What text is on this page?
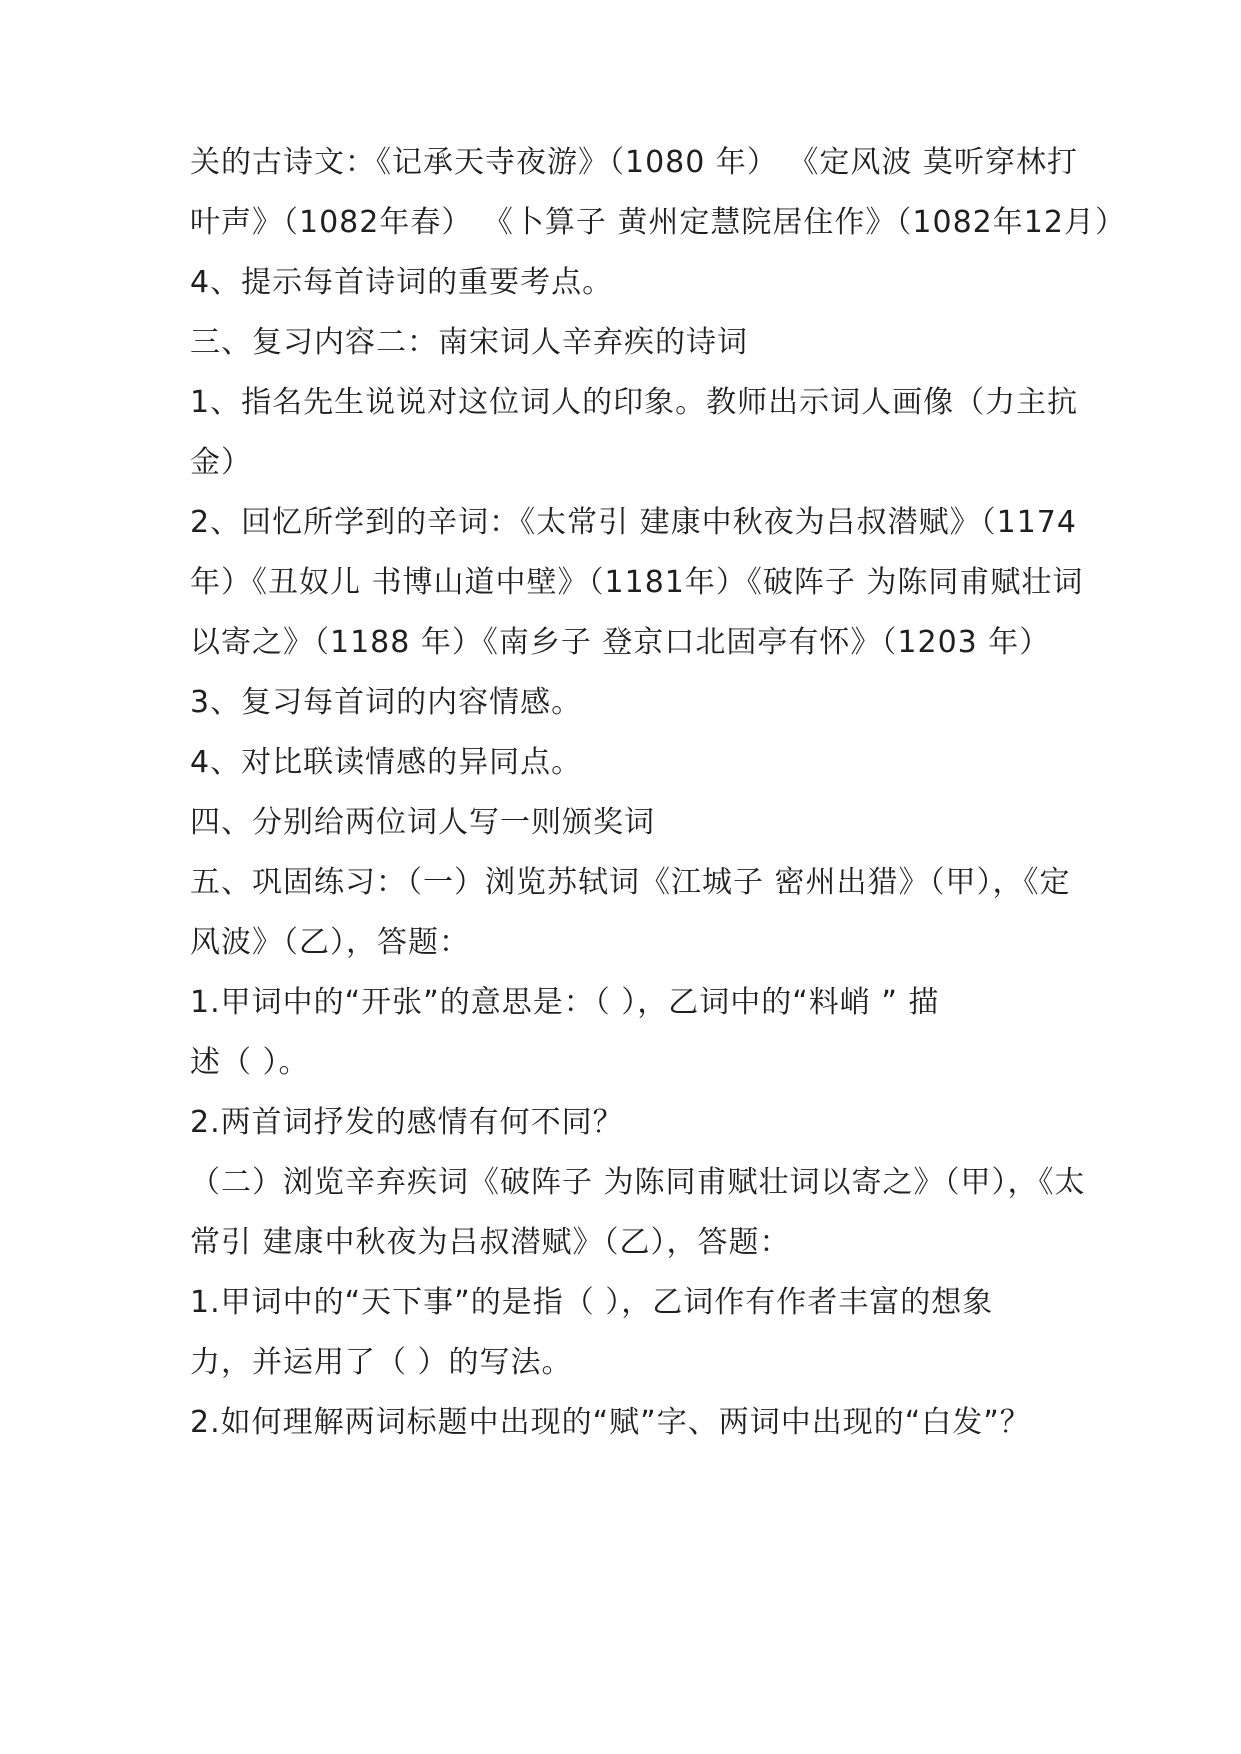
关的古诗文：《记承天寺夜游》（1080 年） 《定风波 莫听穿林打
叶声》（1082年春） 《卜算子 黄州定慧院居住作》（1082年12月）
4、提示每首诗词的重要考点。
三、复习内容二：南宋词人辛弃疾的诗词
1、指名先生说说对这位词人的印象。教师出示词人画像（力主抗
金）
2、回忆所学到的辛词：《太常引 建康中秋夜为吕叔潜赋》（1174
年）《丑奴儿 书博山道中壁》（1181年）《破阵子 为陈同甫赋壮词
以寄之》（1188 年）《南乡子 登京口北固亭有怀》（1203 年）
3、复习每首词的内容情感。
4、对比联读情感的异同点。
四、分别给两位词人写一则颁奖词
五、巩固练习：（一）浏览苏轼词《江城子 密州出猎》（甲），《定
风波》（乙），答题：
1.甲词中的“开张”的意思是：（ ），乙词中的“料峭 ” 描
述（ ）。
2.两首词抒发的感情有何不同？
（二）浏览辛弃疾词《破阵子 为陈同甫赋壮词以寄之》（甲），《太
常引 建康中秋夜为吕叔潜赋》（乙），答题：
1.甲词中的“天下事”的是指（ ），乙词作有作者丰富的想象
力，并运用了（ ）的写法。
2.如何理解两词标题中出现的“赋”字、两词中出现的“白发”？
